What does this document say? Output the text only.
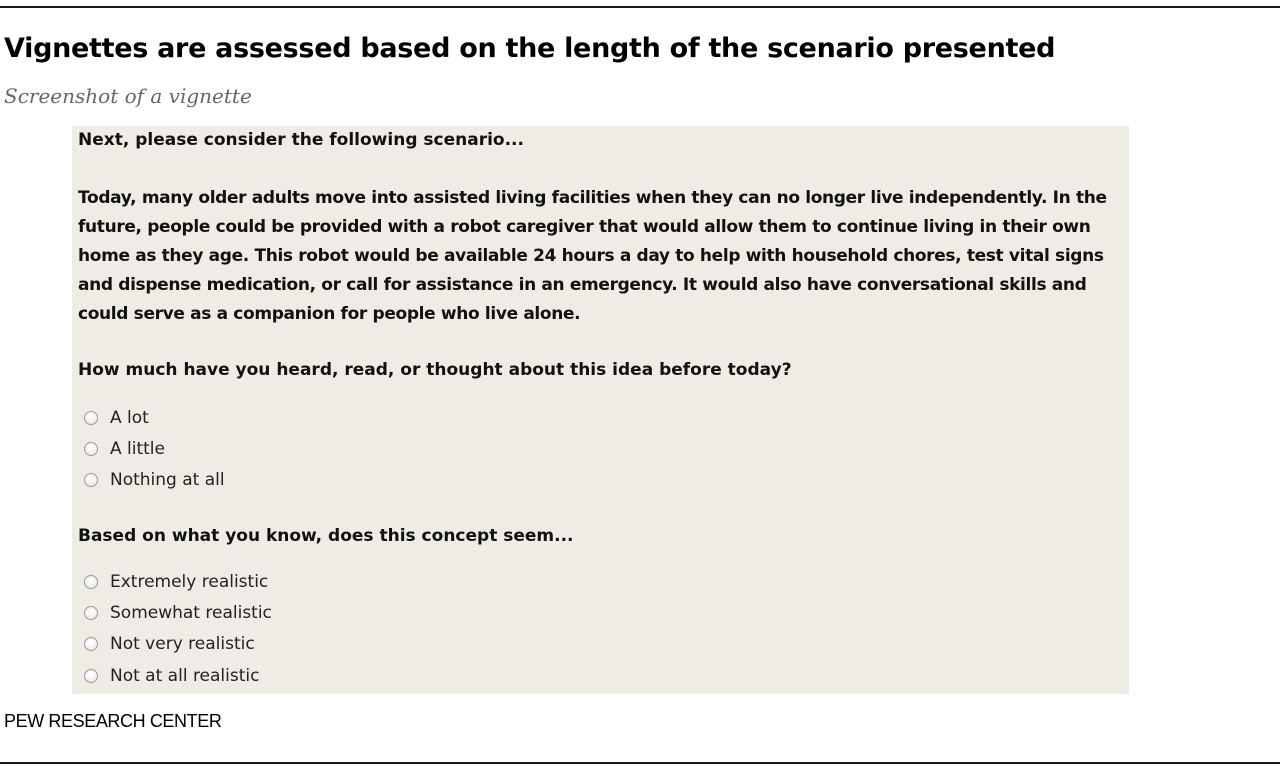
Vignettes are assessed based on the length of the scenario presented

Screenshot of a vignette

Next, please consider the following scenario...

Today, many older adults move into assisted living facilities when they can no longer live independently. In the
future, people could be provided with a robot caregiver that would allow them to continue living in their own
home as they age. This robot would be available 24 hours a day to help with household chores, test vital signs
and dispense medication, or call for assistance in an emergency. It would also have conversational skills and
could serve as a companion for people who live alone.

How much have you heard, read, or thought about this idea before today?

A lot
A little
Nothing at all

Based on what you know, does this concept seem...

Extremely realistic
Somewhat realistic
Not very realistic
Not at all realistic

PEW RESEARCH CENTER
